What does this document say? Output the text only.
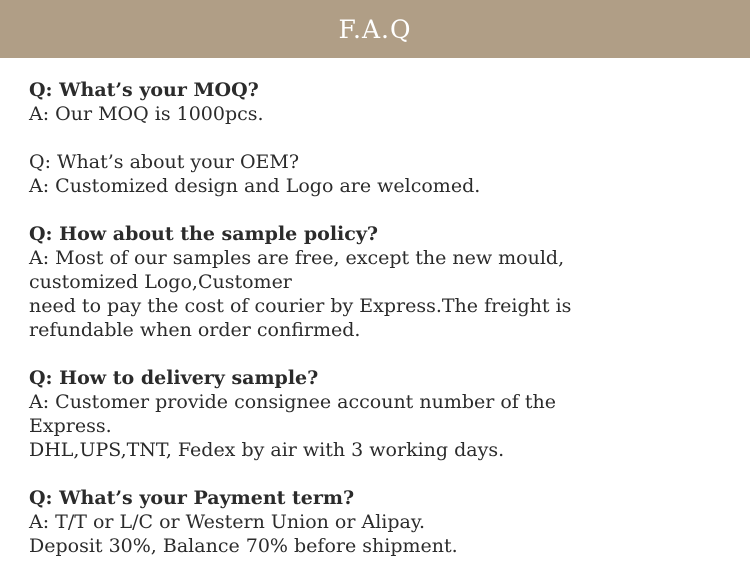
F.A.Q
Q: What’s your MOQ?
A: Our MOQ is 1000pcs.
Q: What’s about your OEM?
A: Customized design and Logo are welcomed.
Q: How about the sample policy?
A: Most of our samples are free, except the new mould,
customized Logo,Customer
need to pay the cost of courier by Express.The freight is
refundable when order confirmed.
Q: How to delivery sample?
A: Customer provide consignee account number of the
Express.
DHL,UPS,TNT, Fedex by air with 3 working days.
Q: What’s your Payment term?
A: T/T or L/C or Western Union or Alipay.
Deposit 30%, Balance 70% before shipment.
